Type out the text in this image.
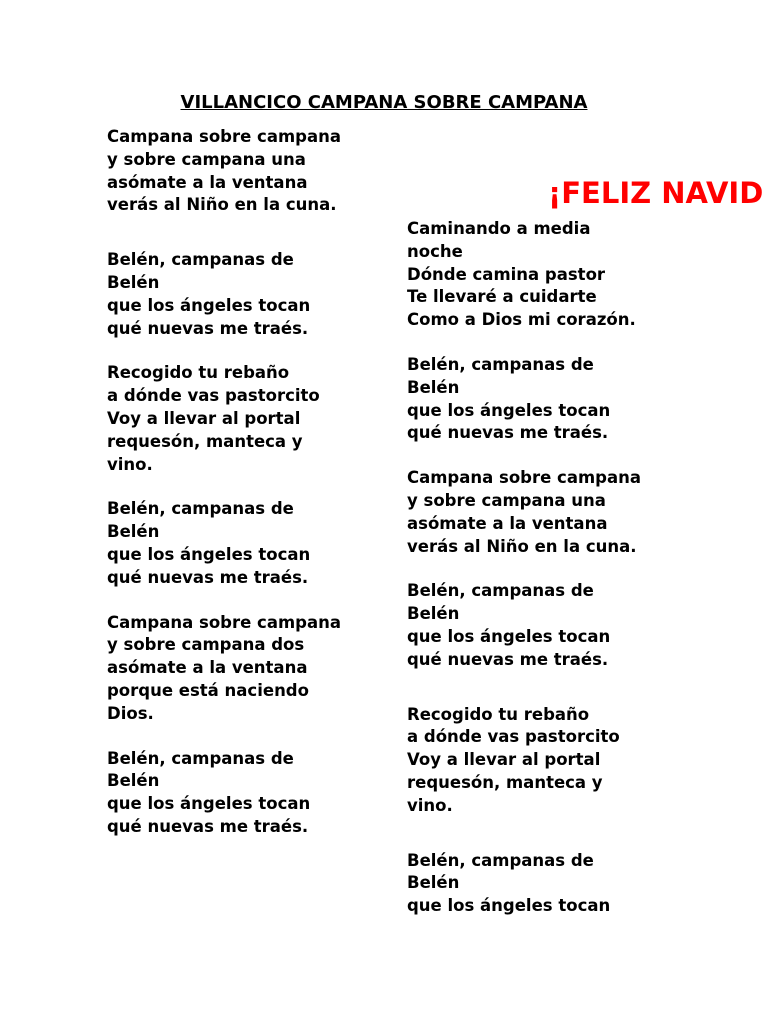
VILLANCICO CAMPANA SOBRE CAMPANA
¡FELIZ NAVID

Campana sobre campana
y sobre campana una
asómate a la ventana
verás al Niño en la cuna.

Belén, campanas de
Belén
que los ángeles tocan
qué nuevas me traés.

Recogido tu rebaño
a dónde vas pastorcito
Voy a llevar al portal
requesón, manteca y
vino.

Belén, campanas de
Belén
que los ángeles tocan
qué nuevas me traés.

Campana sobre campana
y sobre campana dos
asómate a la ventana
porque está naciendo
Dios.

Belén, campanas de
Belén
que los ángeles tocan
qué nuevas me traés.

Caminando a media
noche
Dónde camina pastor
Te llevaré a cuidarte
Como a Dios mi corazón.

Belén, campanas de
Belén
que los ángeles tocan
qué nuevas me traés.

Campana sobre campana
y sobre campana una
asómate a la ventana
verás al Niño en la cuna.

Belén, campanas de
Belén
que los ángeles tocan
qué nuevas me traés.

Recogido tu rebaño
a dónde vas pastorcito
Voy a llevar al portal
requesón, manteca y
vino.

Belén, campanas de
Belén
que los ángeles tocan
